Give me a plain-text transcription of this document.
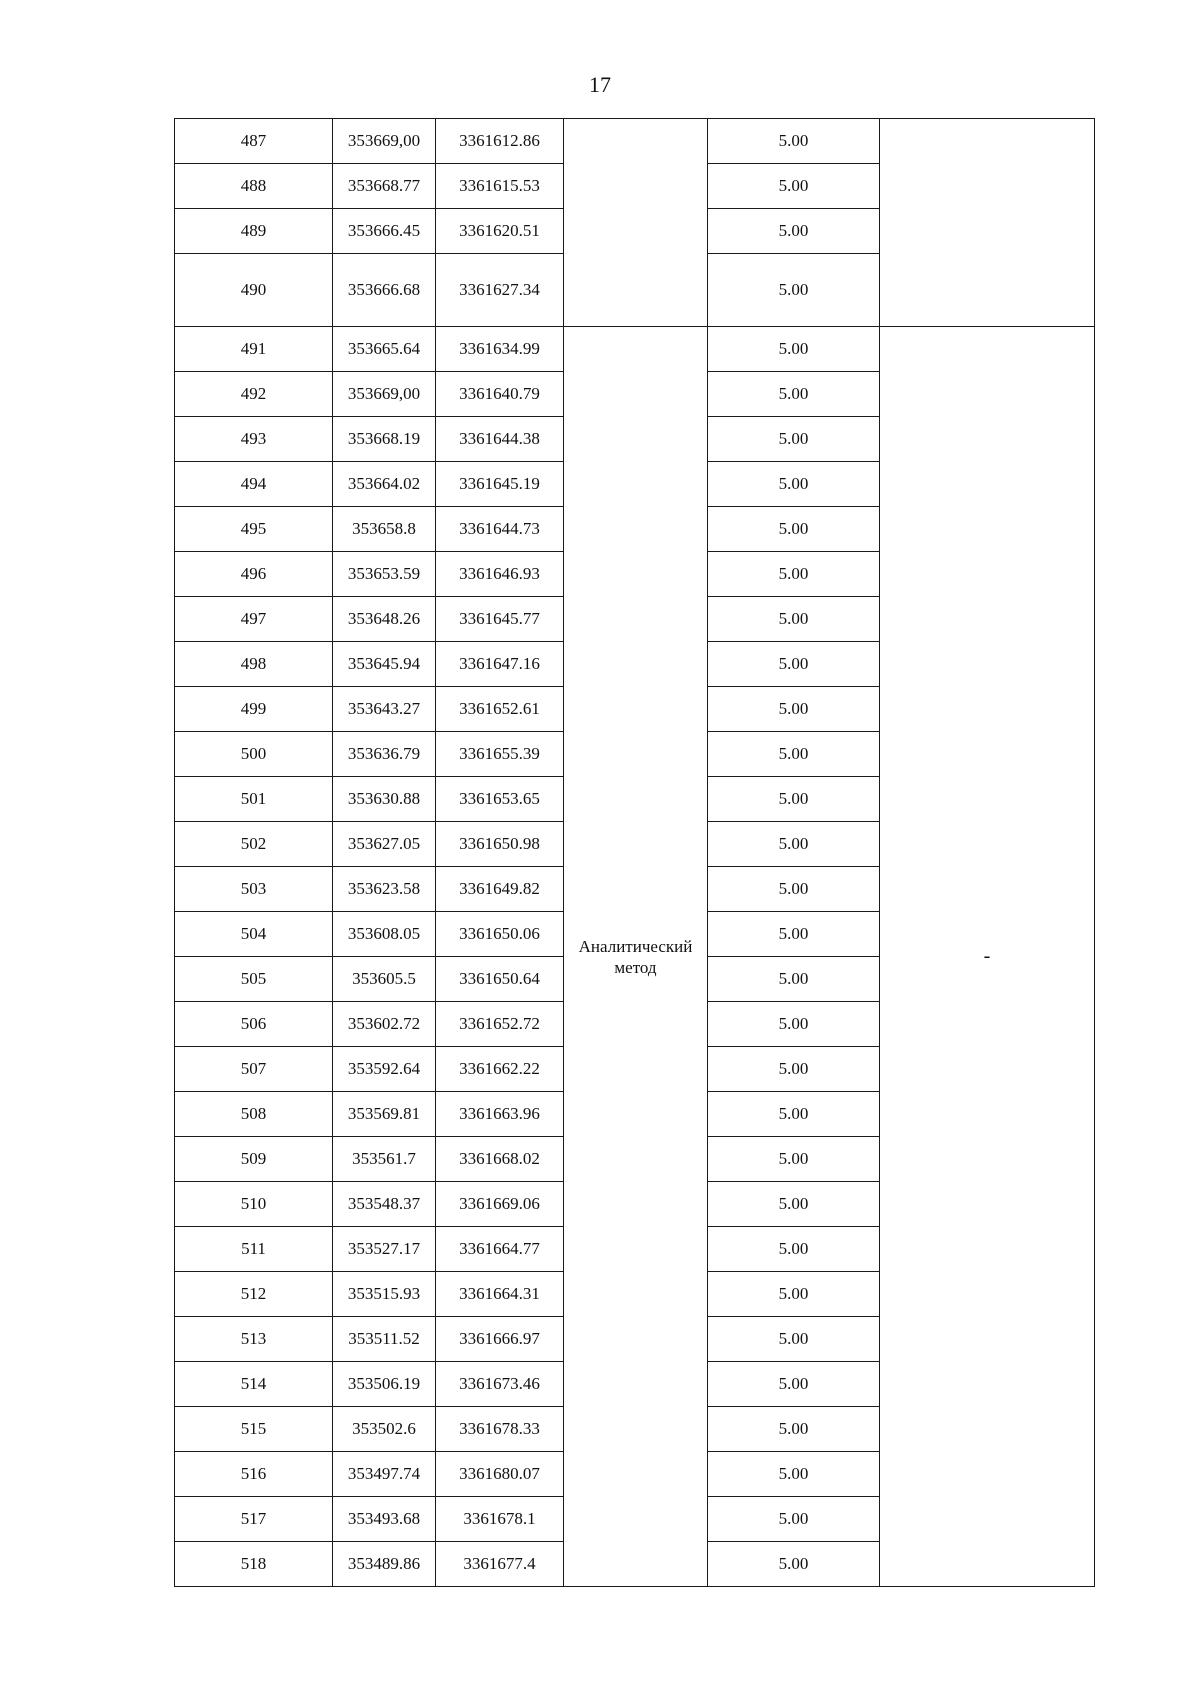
17
487	353669,00	3361612.86		5.00	
488	353668.77	3361615.53		5.00	
489	353666.45	3361620.51		5.00	
490	353666.68	3361627.34		5.00	
491	353665.64	3361634.99	Аналитический метод	5.00	-
492	353669,00	3361640.79		5.00	
493	353668.19	3361644.38		5.00	
494	353664.02	3361645.19		5.00	
495	353658.8	3361644.73		5.00	
496	353653.59	3361646.93		5.00	
497	353648.26	3361645.77		5.00	
498	353645.94	3361647.16		5.00	
499	353643.27	3361652.61		5.00	
500	353636.79	3361655.39		5.00	
501	353630.88	3361653.65		5.00	
502	353627.05	3361650.98		5.00	
503	353623.58	3361649.82		5.00	
504	353608.05	3361650.06		5.00	
505	353605.5	3361650.64		5.00	
506	353602.72	3361652.72		5.00	
507	353592.64	3361662.22		5.00	
508	353569.81	3361663.96		5.00	
509	353561.7	3361668.02		5.00	
510	353548.37	3361669.06		5.00	
511	353527.17	3361664.77		5.00	
512	353515.93	3361664.31		5.00	
513	353511.52	3361666.97		5.00	
514	353506.19	3361673.46		5.00	
515	353502.6	3361678.33		5.00	
516	353497.74	3361680.07		5.00	
517	353493.68	3361678.1		5.00	
518	353489.86	3361677.4		5.00	
